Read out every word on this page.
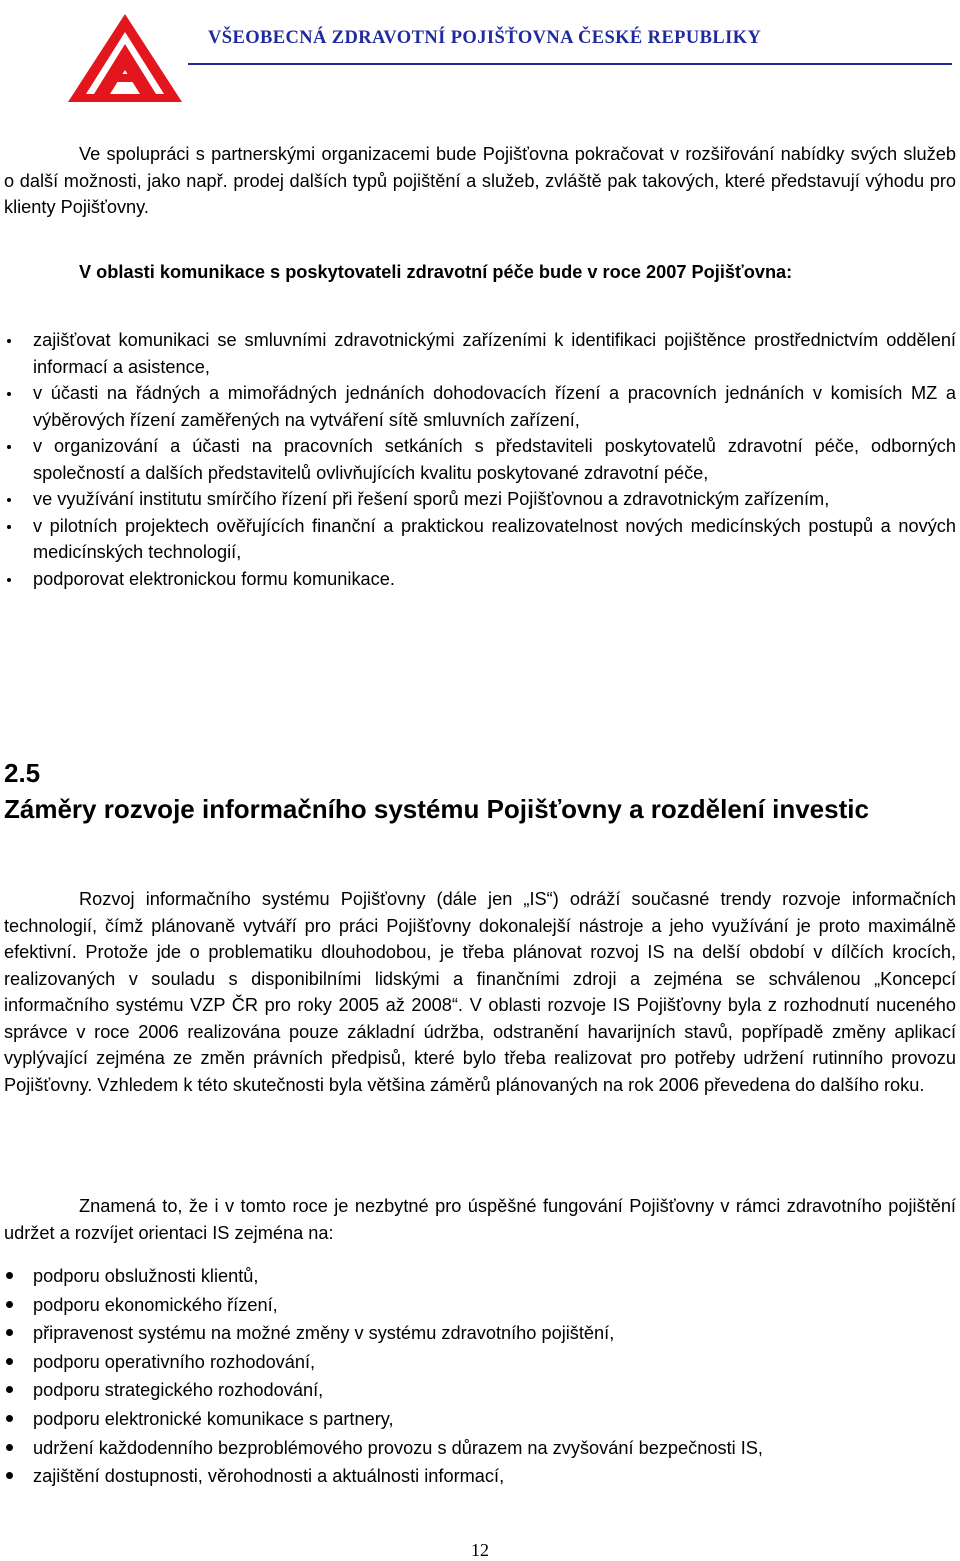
VŠEOBECNÁ ZDRAVOTNÍ POJIŠŤOVNA ČESKÉ REPUBLIKY

Ve spolupráci s partnerskými organizacemi bude Pojišťovna pokračovat v rozšiřování nabídky svých služeb o další možnosti, jako např. prodej dalších typů pojištění a služeb, zvláště pak takových, které představují výhodu pro klienty Pojišťovny.

V oblasti komunikace s poskytovateli zdravotní péče bude v roce 2007 Pojišťovna:

zajišťovat komunikaci se smluvními zdravotnickými zařízeními k identifikaci pojištěnce prostřednictvím oddělení informací a asistence,
v účasti na řádných a mimořádných jednáních dohodovacích řízení a pracovních jednáních v komisích MZ a výběrových řízení zaměřených na vytváření sítě smluvních zařízení,
v organizování a účasti na pracovních setkáních s představiteli poskytovatelů zdravotní péče, odborných společností a dalších představitelů ovlivňujících kvalitu poskytované zdravotní péče,
ve využívání institutu smírčího řízení při řešení sporů mezi Pojišťovnou a zdravotnickým zařízením,
v pilotních projektech ověřujících finanční a praktickou realizovatelnost nových medicínských postupů a nových medicínských technologií,
podporovat elektronickou formu komunikace.
2.5
Záměry rozvoje informačního systému Pojišťovny a rozdělení investic

Rozvoj informačního systému Pojišťovny (dále jen „IS“) odráží současné trendy rozvoje informačních technologií, čímž plánovaně vytváří pro práci Pojišťovny dokonalejší nástroje a jeho využívání je proto maximálně efektivní. Protože jde o problematiku dlouhodobou, je třeba plánovat rozvoj IS na delší období v dílčích krocích, realizovaných v souladu s disponibilními lidskými a finančními zdroji a zejména se schválenou „Koncepcí informačního systému VZP ČR pro roky 2005 až 2008“. V oblasti rozvoje IS Pojišťovny byla z rozhodnutí nuceného správce v roce 2006 realizována pouze základní údržba, odstranění havarijních stavů, popřípadě změny aplikací vyplývající zejména ze změn právních předpisů, které bylo třeba realizovat pro potřeby udržení rutinního provozu Pojišťovny. Vzhledem k této skutečnosti byla většina záměrů plánovaných na rok 2006 převedena do dalšího roku.

Znamená to, že i v tomto roce je nezbytné pro úspěšné fungování Pojišťovny v rámci zdravotního pojištění udržet a rozvíjet orientaci IS zejména na:

podporu obslužnosti klientů,
podporu ekonomického řízení,
připravenost systému na možné změny v systému zdravotního pojištění,
podporu operativního rozhodování,
podporu strategického rozhodování,
podporu elektronické komunikace s partnery,
udržení každodenního bezproblémového provozu s důrazem na zvyšování bezpečnosti IS,
zajištění dostupnosti, věrohodnosti a aktuálnosti informací,
12
